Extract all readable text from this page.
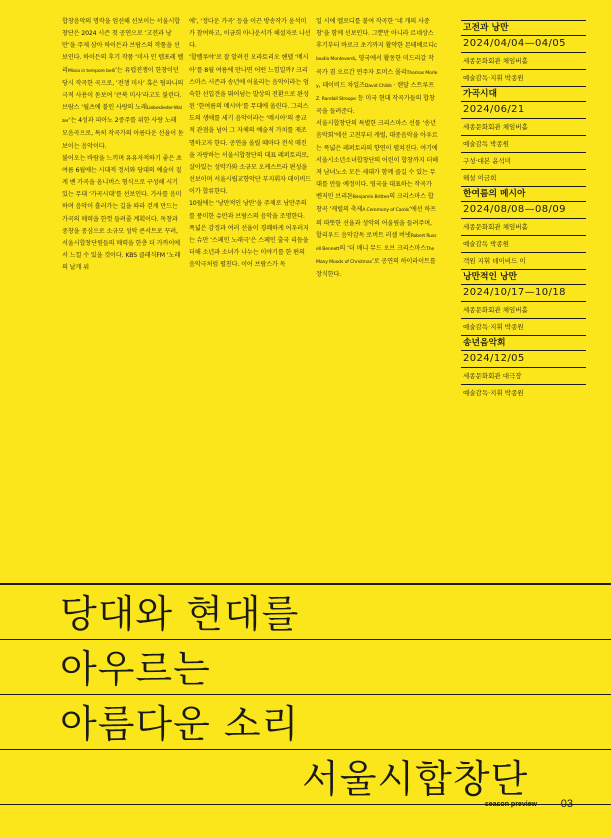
합창음악의 명작을 엄선해 선보이는 서울시합창단은 2024 시즌 첫 공연으로 ‘고전과 낭만’을 주제 삼아 하이든과 브람스의 작품을 선보인다. 하이든의 후기 작품 ‘미사 인 템포레 벨리Missa in tempore belli’는 유럽전쟁이 한창이던 당시 작곡한 곡으로, ‘전쟁 미사’ 혹은 팀파니의 극적 사용이 돋보여 ‘큰북 미사’라고도 불린다. 브람스 ‘월츠에 붙인 사랑의 노래Liebeslieder-Walzer’는 4성과 피아노 2중주를 위한 사랑 노래 모음곡으로, 특히 작곡가의 아름다운 선율이 돋보이는 음악이다.

불어오는 바람을 느끼며 유유자적하기 좋은 초여름 6월에는 시대적 정서와 당대의 예술이 짙게 밴 가곡을 옴니버스 형식으로 구성해 시기 있는 무대 ‘가곡시대’를 선보인다. 가사를 음미하며 음악이 흘러가는 길을 따라 걷게 만드는 가곡의 매력을 한껏 들려줄 계획이다. 독창과 중창을 중심으로 소규모 성악 콘서트로 꾸려, 서울시합창단원들의 매력을 한층 더 가까이에서 느낄 수 있을 것이다. KBS 클래식FM ‘노래의 날개 위

에’, ‘정다운 가곡’ 등을 이끈 방송작가 윤석미가 참여하고, 이금희 아나운서가 해설자로 나선다.

‘할렐루야’로 잘 알려진 오라토리오 헨델 ‘메시아’를 8월 여름에 만나면 어떤 느낌일까? 크리스마스 시즌과 송년에 어울리는 음악이라는 엄숙한 선입견을 뛰어넘는 발상의 전환으로 완성된 ‘한여름의 메시아’를 무대에 올린다. 그리스도의 생애를 세기 음악이라는 ‘메시아’의 종교적 관점을 넘어 그 자체의 예술적 가치를 재조명하고자 한다. 공연을 올릴 때마다 전석 매진을 자랑하는 서울시합창단의 대표 레퍼토리로, 살아있는 성악가와 소규모 오케스트라 편성을 선보이며 서울시립교향악단 부지휘자 데이비드 이가 합류한다.

10월에는 ‘낭만적인 낭만’을 주제로 낭만주의를 풍미한 슈만과 브람스의 음악을 조명한다. 폭넓은 감정과 여러 선율이 경쾌하게 어우러지는 슈만 ‘스페인 노래극’은 스페인 출국 리듬을 더해 소년과 소녀가 나누는 이야기를 한 편의 음악극처럼 펼친다. 이어 브람스가 독

일 시에 멜로디를 붙여 작곡한 ‘네 개의 사중창’을 함께 선보인다. 그뿐만 아니라 르네상스 후기부터 바로크 초기까지 활약한 몬테베르디Claudio Monteverdi, 영국에서 활동한 미드리갈 작곡가 겸 오르간 연주자 토머스 몰리Thomas Morley, 데이비드 차일즈David Childs · 랜달 스트루프Z. Randall Stroope 등 미국 현대 작곡가들의 합창곡을 들려준다.

서울시합창단의 특별한 크리스마스 선물 ‘송년음악회’에선 고전부터 캐럴, 대중음악을 아우르는 폭넓은 레퍼토리의 향연이 펼쳐진다. 여기에 서울시소년소녀합창단의 어린이 합창까지 더해져 남녀노소 모든 세대가 함께 즐길 수 있는 무대를 만들 예정이다. 영국을 대표하는 작곡가 벤저민 브리튼Benjamin Britten의 크리스마스 합창곡 ‘캐럴의 축제A Ceremony of Carols’에선 하프의 따뜻한 선율과 성악의 어울림을 들려주며, 할리우드 음악감독 로버트 러셀 버넷Robert Russell Bennett의 ‘더 매니 무드 오브 크리스마스The Many Moods of Christmas’로 공연의 하이라이트를 장식한다.

고전과 낭만
2024/04/04—04/05
세종문화회관 체임버홀
예술감독·지휘 박종원
가곡시대
2024/06/21
세종문화회관 체임버홀
예술감독 박종원
구성·대본 윤석미
해설 이금희
한여름의 메시아
2024/08/08—08/09
세종문화회관 체임버홀
예술감독 박종원
객원 지휘 데이비드 이
낭만적인 낭만
2024/10/17—10/18
세종문화회관 체임버홀
예술감독·지휘 박종원
송년음악회
2024/12/05
세종문화회관 대극장
예술감독·지휘 박종원
당대와 현대를
아우르는
아름다운 소리
서울시합창단
season preview 03
